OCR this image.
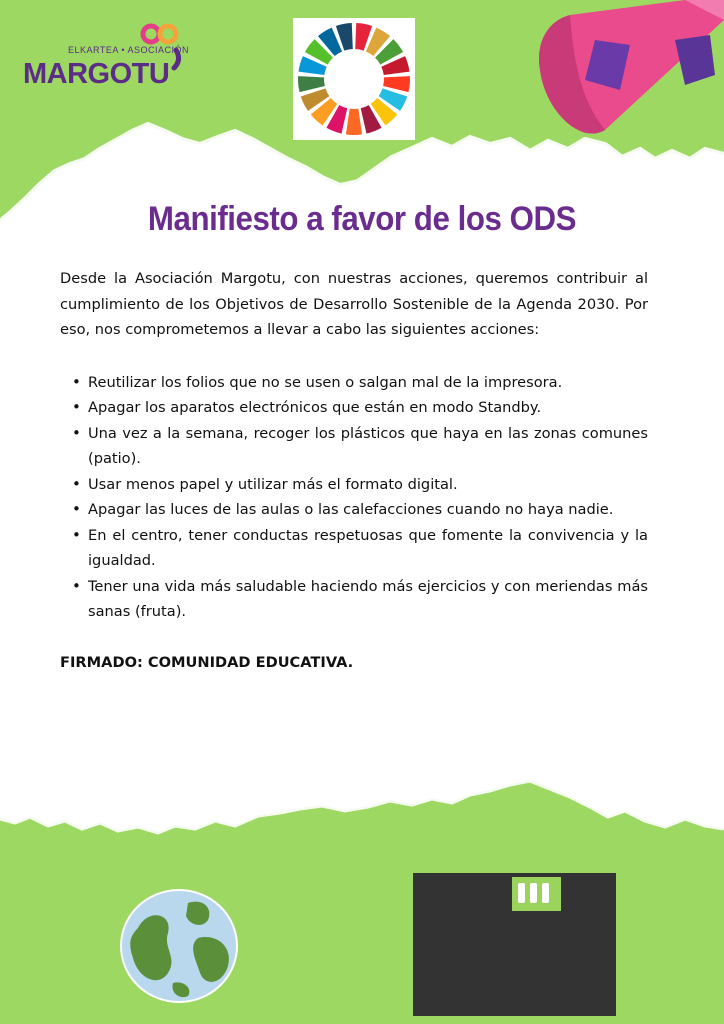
ELKARTEA • ASOCIACIÓN
MARGOTU
Manifiesto a favor de los ODS

Desde la Asociación Margotu, con nuestras acciones, queremos contribuir al cumplimiento de los Objetivos de Desarrollo Sostenible de la Agenda 2030. Por eso, nos comprometemos a llevar a cabo las siguientes acciones:

• Reutilizar los folios que no se usen o salgan mal de la impresora.
• Apagar los aparatos electrónicos que están en modo Standby.
• Una vez a la semana, recoger los plásticos que haya en las zonas comunes (patio).
• Usar menos papel y utilizar más el formato digital.
• Apagar las luces de las aulas o las calefacciones cuando no haya nadie.
• En el centro, tener conductas respetuosas que fomente la convivencia y la igualdad.
• Tener una vida más saludable haciendo más ejercicios y con meriendas más sanas (fruta).
FIRMADO: COMUNIDAD EDUCATIVA.
